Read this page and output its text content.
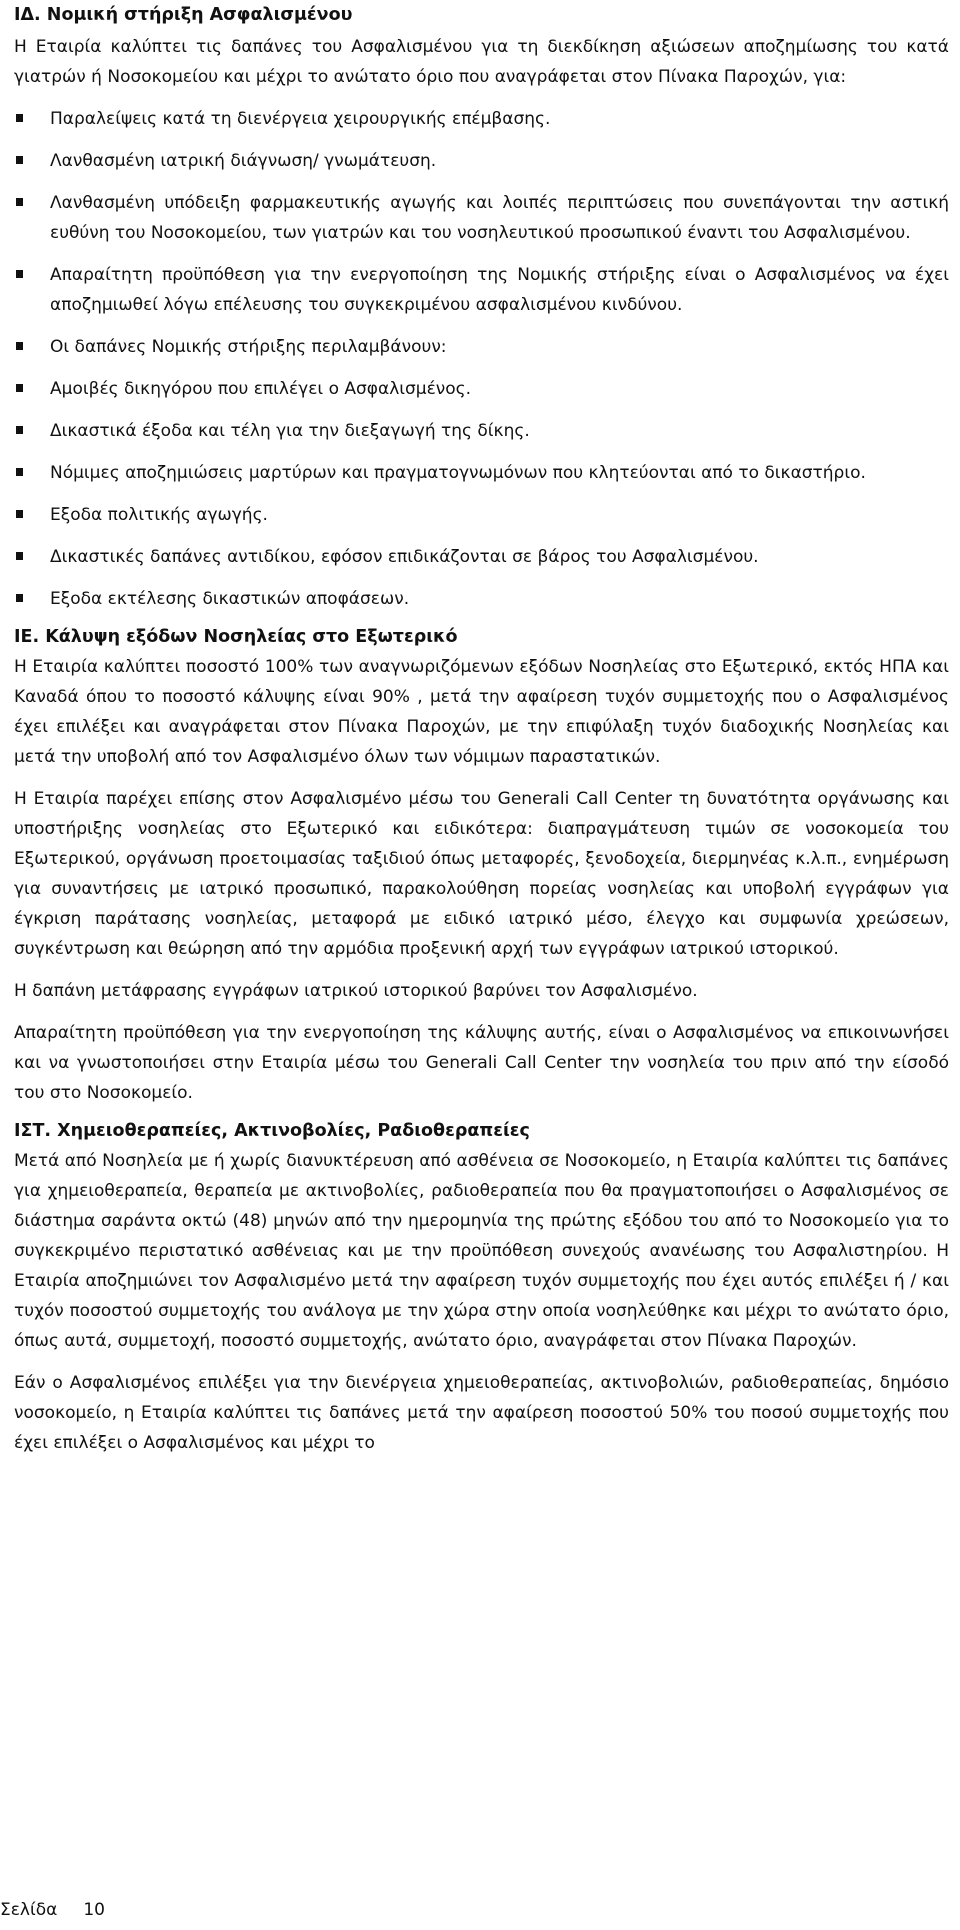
ΙΔ. Νομική στήριξη Ασφαλισμένου

Η Εταιρία καλύπτει τις δαπάνες του Ασφαλισμένου για τη διεκδίκηση αξιώσεων αποζημίωσης του κατά γιατρών ή Νοσοκομείου και μέχρι το ανώτατο όριο που αναγράφεται στον Πίνακα Παροχών, για:

Παραλείψεις κατά τη διενέργεια χειρουργικής επέμβασης.
Λανθασμένη ιατρική διάγνωση/ γνωμάτευση.
Λανθασμένη υπόδειξη φαρμακευτικής αγωγής και λοιπές περιπτώσεις που συνεπάγονται την αστική ευθύνη του Νοσοκομείου, των γιατρών και του νοσηλευτικού προσωπικού έναντι του Ασφαλισμένου.
Απαραίτητη προϋπόθεση για την ενεργοποίηση της Νομικής στήριξης είναι ο Ασφαλισμένος να έχει αποζημιωθεί λόγω επέλευσης του συγκεκριμένου ασφαλισμένου κινδύνου.
Οι δαπάνες Νομικής στήριξης περιλαμβάνουν:
Αμοιβές δικηγόρου που επιλέγει ο Ασφαλισμένος.
Δικαστικά έξοδα και τέλη για την διεξαγωγή της δίκης.
Νόμιμες αποζημιώσεις μαρτύρων και πραγματογνωμόνων που κλητεύονται από το δικαστήριο.
Εξοδα πολιτικής αγωγής.
Δικαστικές δαπάνες αντιδίκου, εφόσον επιδικάζονται σε βάρος του Ασφαλισμένου.
Εξοδα εκτέλεσης δικαστικών αποφάσεων.
ΙΕ. Κάλυψη εξόδων Νοσηλείας στο Εξωτερικό

Η Εταιρία καλύπτει ποσοστό 100% των αναγνωριζόμενων εξόδων Νοσηλείας στο Εξωτερικό, εκτός ΗΠΑ και Καναδά όπου το ποσοστό κάλυψης είναι 90% , μετά την αφαίρεση τυχόν συμμετοχής που ο Ασφαλισμένος έχει επιλέξει και αναγράφεται στον Πίνακα Παροχών, με την επιφύλαξη τυχόν διαδοχικής Νοσηλείας και μετά την υποβολή από τον Ασφαλισμένο όλων των νόμιμων παραστατικών.

Η Εταιρία παρέχει επίσης στον Ασφαλισμένο μέσω του Generali Call Center τη δυνατότητα οργάνωσης και υποστήριξης νοσηλείας στο Εξωτερικό και ειδικότερα: διαπραγμάτευση τιμών σε νοσοκομεία του Εξωτερικού, οργάνωση προετοιμασίας ταξιδιού όπως μεταφορές, ξενοδοχεία, διερμηνέας κ.λ.π., ενημέρωση για συναντήσεις με ιατρικό προσωπικό, παρακολούθηση πορείας νοσηλείας και υποβολή εγγράφων για έγκριση παράτασης νοσηλείας, μεταφορά με ειδικό ιατρικό μέσο, έλεγχο και συμφωνία χρεώσεων, συγκέντρωση και θεώρηση από την αρμόδια προξενική αρχή των εγγράφων ιατρικού ιστορικού.

Η δαπάνη μετάφρασης εγγράφων ιατρικού ιστορικού βαρύνει τον Ασφαλισμένο.

Απαραίτητη προϋπόθεση για την ενεργοποίηση της κάλυψης αυτής, είναι ο Ασφαλισμένος να επικοινωνήσει και να γνωστοποιήσει στην Εταιρία μέσω του Generali Call Center την νοσηλεία του πριν από την είσοδό του στο Νοσοκομείο.

ΙΣΤ. Χημειοθεραπείες, Ακτινοβολίες, Ραδιοθεραπείες

Μετά από Νοσηλεία με ή χωρίς διανυκτέρευση από ασθένεια σε Νοσοκομείο, η Εταιρία καλύπτει τις δαπάνες για χημειοθεραπεία, θεραπεία με ακτινοβολίες, ραδιοθεραπεία που θα πραγματοποιήσει ο Ασφαλισμένος σε διάστημα σαράντα οκτώ (48) μηνών από την ημερομηνία της πρώτης εξόδου του από το Νοσοκομείο για το συγκεκριμένο περιστατικό ασθένειας και με την προϋπόθεση συνεχούς ανανέωσης του Ασφαλιστηρίου. Η Εταιρία αποζημιώνει τον Ασφαλισμένο μετά την αφαίρεση τυχόν συμμετοχής που έχει αυτός επιλέξει ή / και τυχόν ποσοστού συμμετοχής του ανάλογα με την χώρα στην οποία νοσηλεύθηκε και μέχρι το ανώτατο όριο, όπως αυτά, συμμετοχή, ποσοστό συμμετοχής, ανώτατο όριο, αναγράφεται στον Πίνακα Παροχών.

Εάν ο Ασφαλισμένος επιλέξει για την διενέργεια χημειοθεραπείας, ακτινοβολιών, ραδιοθεραπείας, δημόσιο νοσοκομείο, η Εταιρία καλύπτει τις δαπάνες μετά την αφαίρεση ποσοστού 50% του ποσού συμμετοχής που έχει επιλέξει ο Ασφαλισμένος και μέχρι το

Σελίδα 10
